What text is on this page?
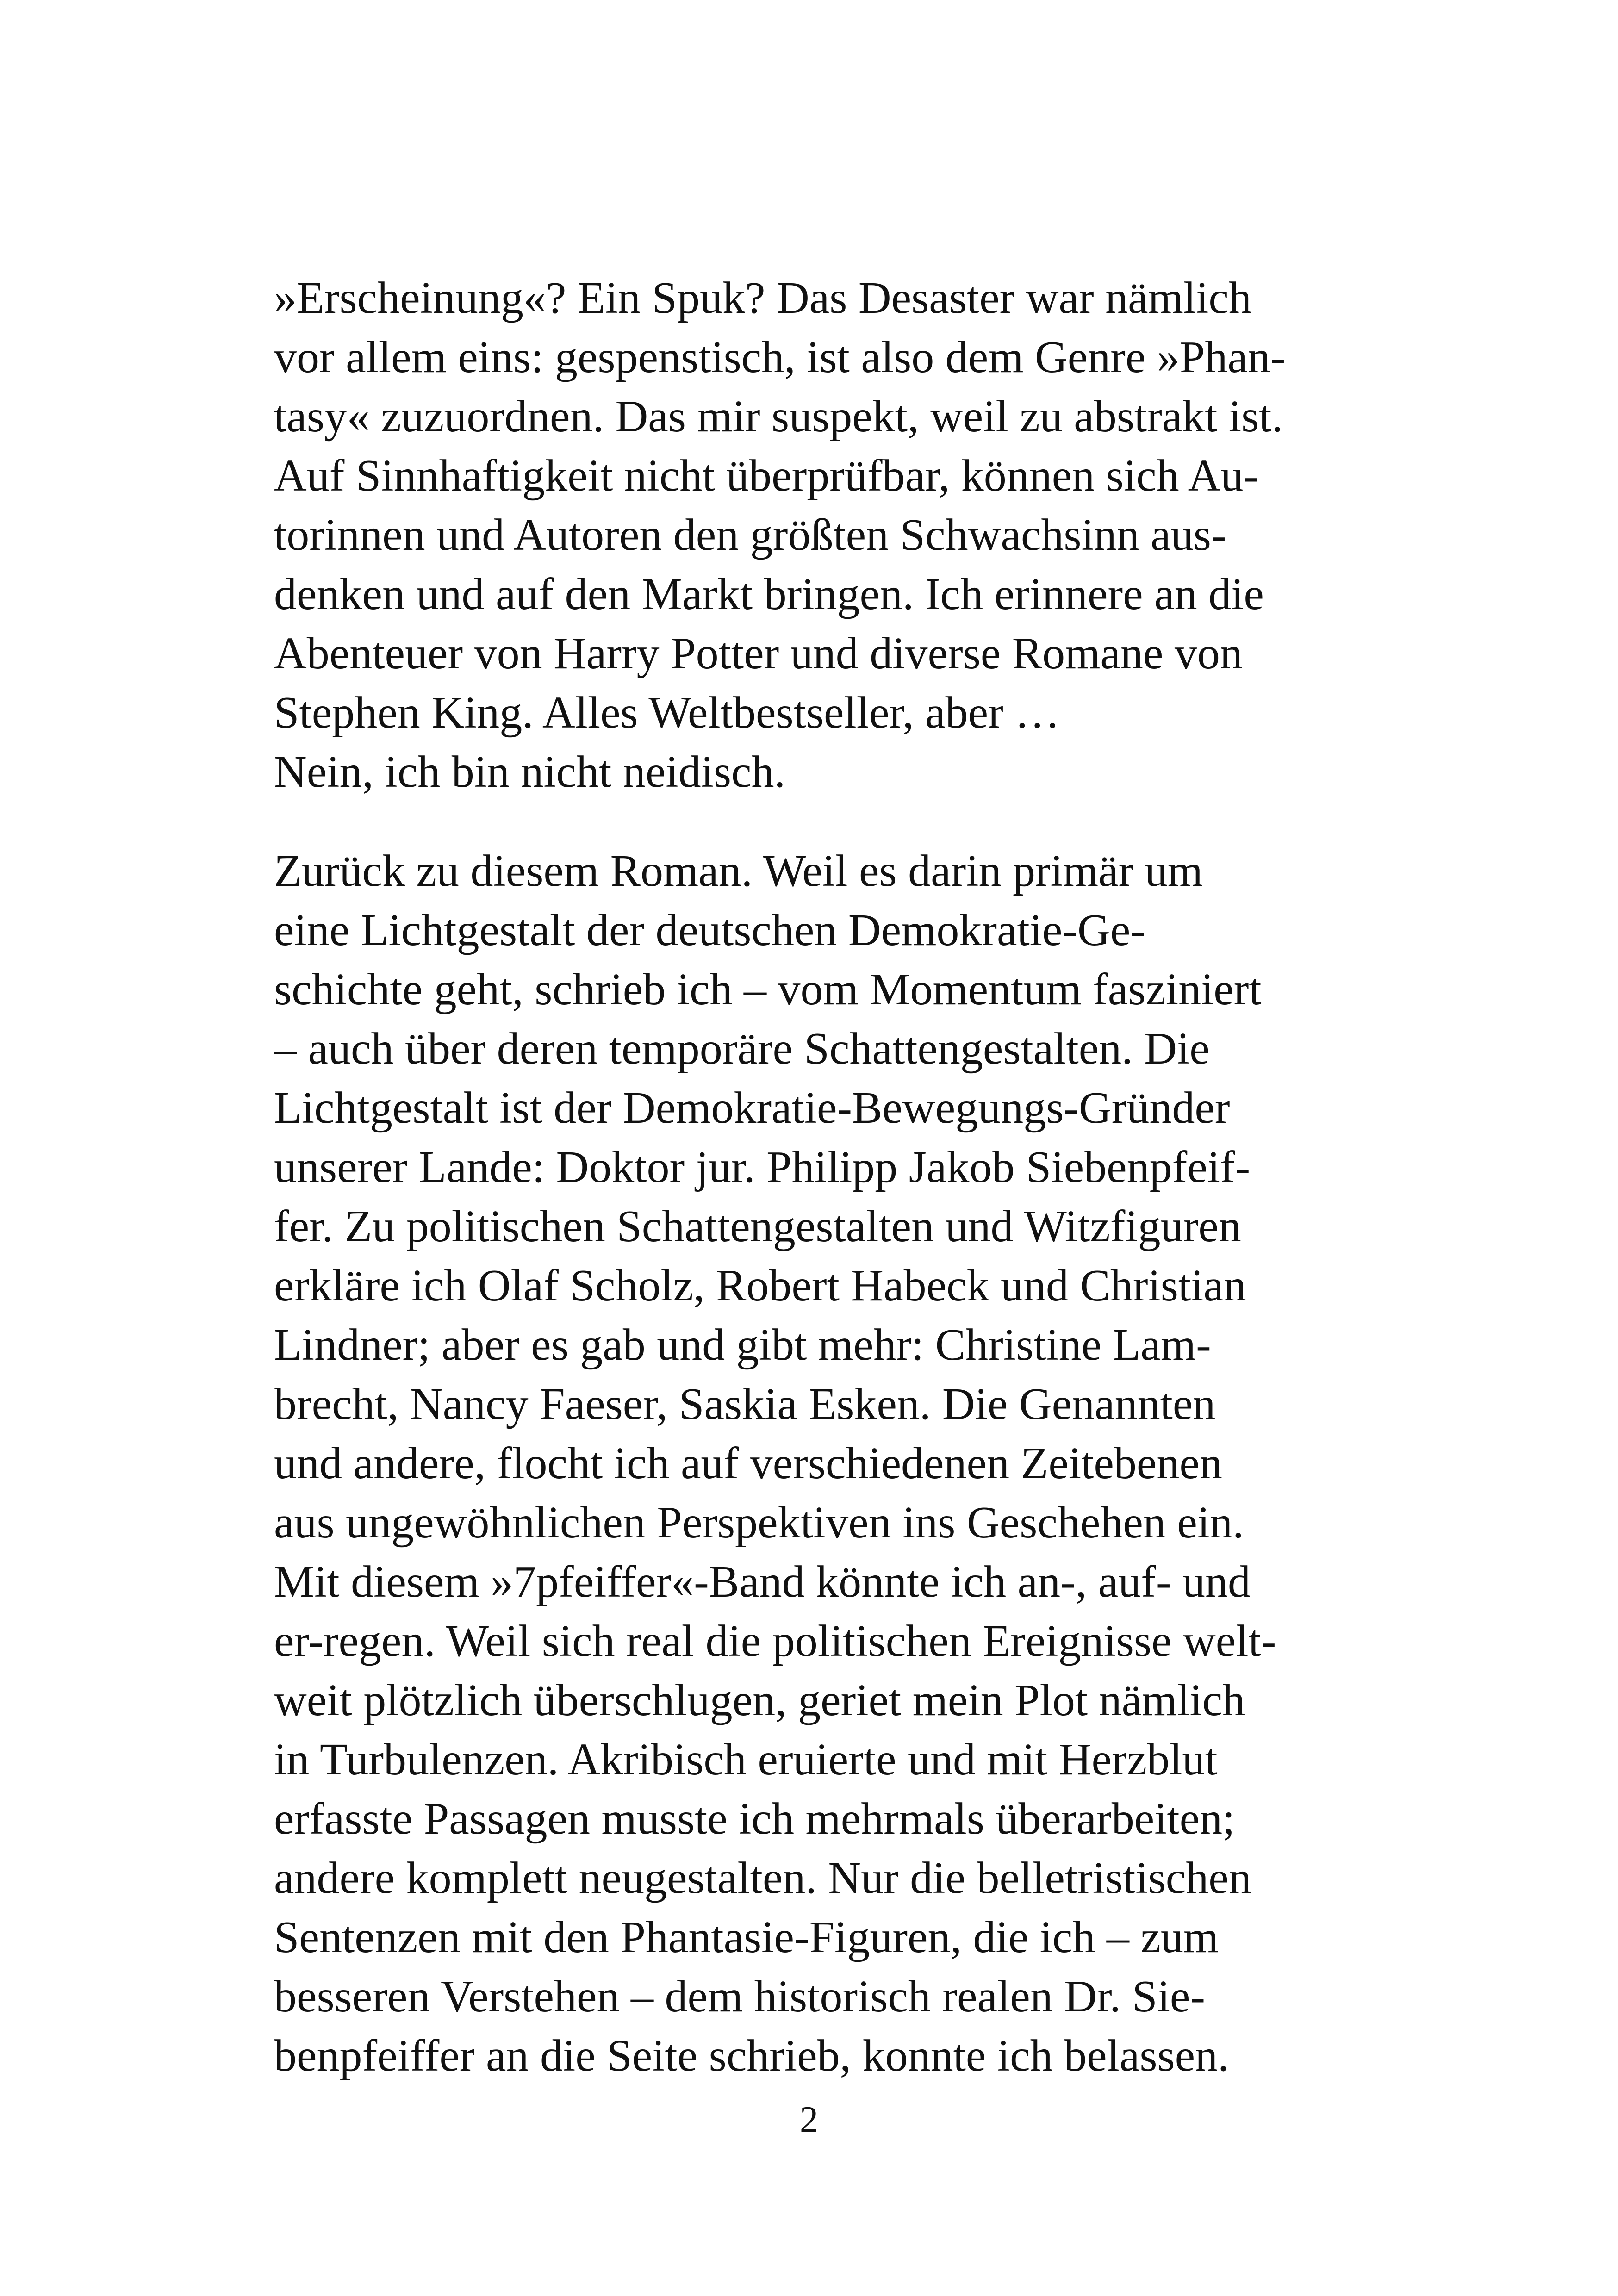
»Erscheinung«? Ein Spuk? Das Desaster war nämlich
vor allem eins: gespenstisch, ist also dem Genre »Phan-
tasy« zuzuordnen. Das mir suspekt, weil zu abstrakt ist.
Auf Sinnhaftigkeit nicht überprüfbar, können sich Au-
torinnen und Autoren den größten Schwachsinn aus-
denken und auf den Markt bringen. Ich erinnere an die
Abenteuer von Harry Potter und diverse Romane von
Stephen King. Alles Weltbestseller, aber …
Nein, ich bin nicht neidisch.
Zurück zu diesem Roman. Weil es darin primär um
eine Lichtgestalt der deutschen Demokratie-Ge-
schichte geht, schrieb ich – vom Momentum fasziniert
– auch über deren temporäre Schattengestalten. Die
Lichtgestalt ist der Demokratie-Bewegungs-Gründer
unserer Lande: Doktor jur. Philipp Jakob Siebenpfeif-
fer. Zu politischen Schattengestalten und Witzfiguren
erkläre ich Olaf Scholz, Robert Habeck und Christian
Lindner; aber es gab und gibt mehr: Christine Lam-
brecht, Nancy Faeser, Saskia Esken. Die Genannten
und andere, flocht ich auf verschiedenen Zeitebenen
aus ungewöhnlichen Perspektiven ins Geschehen ein.
Mit diesem »7pfeiffer«-Band könnte ich an-, auf- und
er-regen. Weil sich real die politischen Ereignisse welt-
weit plötzlich überschlugen, geriet mein Plot nämlich
in Turbulenzen. Akribisch eruierte und mit Herzblut
erfasste Passagen musste ich mehrmals überarbeiten;
andere komplett neugestalten. Nur die belletristischen
Sentenzen mit den Phantasie-Figuren, die ich – zum
besseren Verstehen – dem historisch realen Dr. Sie-
benpfeiffer an die Seite schrieb, konnte ich belassen.
2
